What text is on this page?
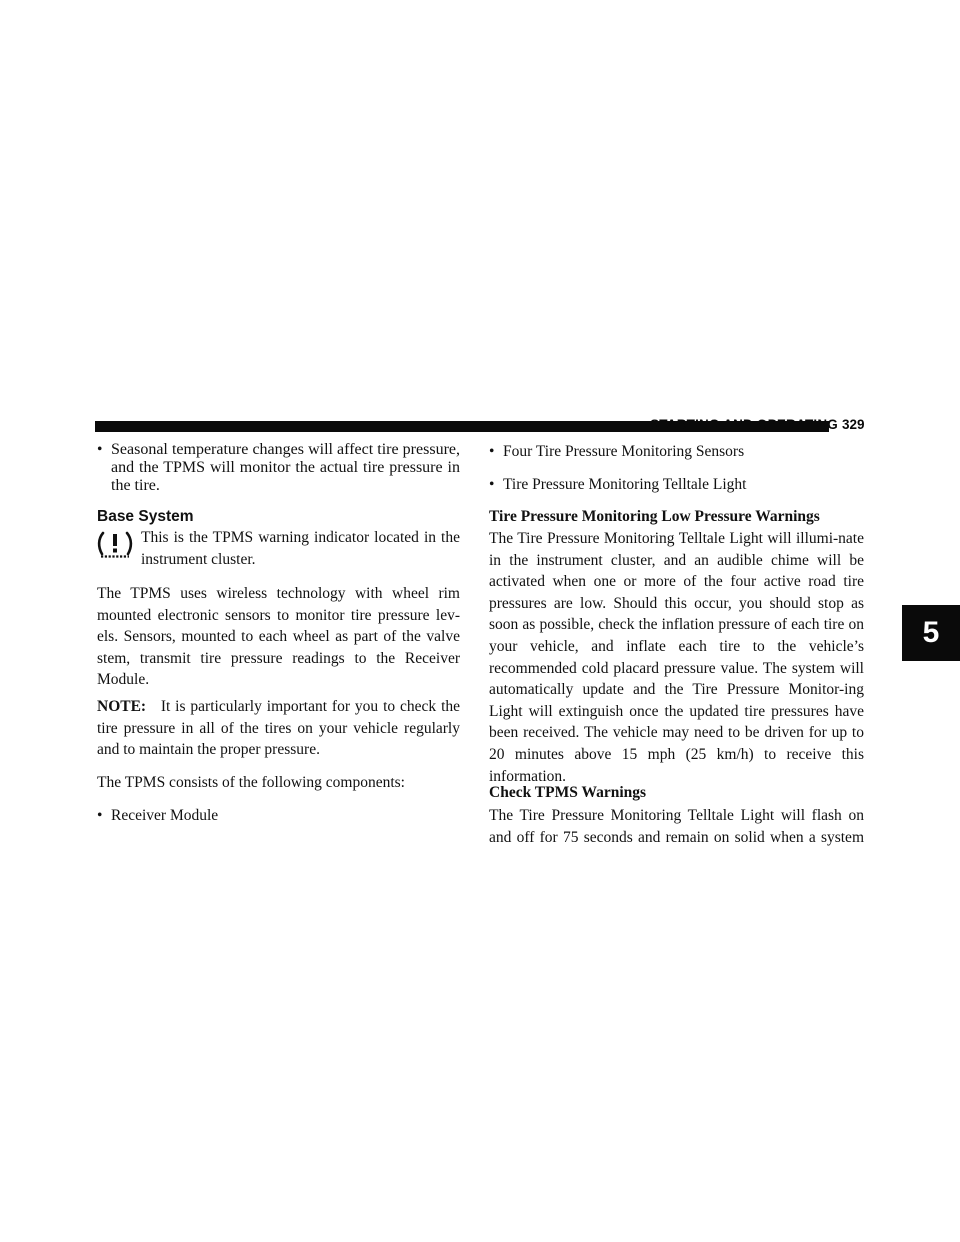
STARTING AND OPERATING 329
5
• Seasonal temperature changes will affect tire pressure, and the TPMS will monitor the actual tire pressure in the tire.

Base System

This is the TPMS warning indicator located in the instrument cluster.

The TPMS uses wireless technology with wheel rim mounted electronic sensors to monitor tire pressure lev-els. Sensors, mounted to each wheel as part of the valve stem, transmit tire pressure readings to the Receiver Module.

NOTE: It is particularly important for you to check the tire pressure in all of the tires on your vehicle regularly and to maintain the proper pressure.

The TPMS consists of the following components:

• Receiver Module
• Four Tire Pressure Monitoring Sensors
• Tire Pressure Monitoring Telltale Light
Tire Pressure Monitoring Low Pressure Warnings

The Tire Pressure Monitoring Telltale Light will illumi-nate in the instrument cluster, and an audible chime will be activated when one or more of the four active road tire pressures are low. Should this occur, you should stop as soon as possible, check the inflation pressure of each tire on your vehicle, and inflate each tire to the vehicle’s recommended cold placard pressure value. The system will automatically update and the Tire Pressure Monitor-ing Light will extinguish once the updated tire pressures have been received. The vehicle may need to be driven for up to 20 minutes above 15 mph (25 km/h) to receive this information.

Check TPMS Warnings

The Tire Pressure Monitoring Telltale Light will flash on and off for 75 seconds and remain on solid when a system
